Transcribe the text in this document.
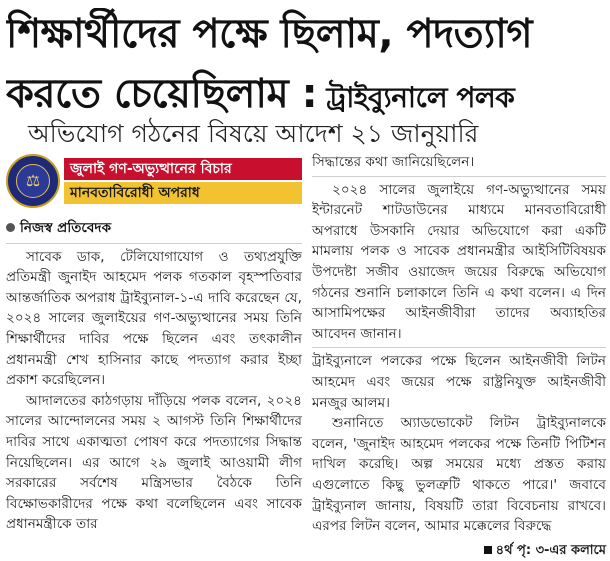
শিক্ষার্থীদের পক্ষে ছিলাম, পদত্যাগ
করতে চেয়েছিলাম : ট্রাইব্যুনালে পলক
অভিযোগ গঠনের বিষয়ে আদেশ ২১ জানুয়ারি
⚖
জুলাই গণ-অভ্যুত্থানের বিচার
মানবতাবিরোধী অপরাধ
নিজস্ব প্রতিবেদক

সাবেক ডাক, টেলিযোগাযোগ ও তথ্যপ্রযুক্তি প্রতিমন্ত্রী জুনাইদ আহমেদ পলক গতকাল বৃহস্পতিবার আন্তর্জাতিক অপরাধ ট্রাইব্যুনাল-১-এ দাবি করেছেন যে, ২০২৪ সালের জুলাইয়ের গণ-অভ্যুত্থানের সময় তিনি শিক্ষার্থীদের দাবির পক্ষে ছিলেন এবং তৎকালীন প্রধানমন্ত্রী শেখ হাসিনার কাছে পদত্যাগ করার ইচ্ছা প্রকাশ করেছিলেন।

আদালতের কাঠগড়ায় দাঁড়িয়ে পলক বলেন, ২০২৪ সালের আন্দোলনের সময় ২ আগস্ট তিনি শিক্ষার্থীদের দাবির সাথে একাত্মতা পোষণ করে পদত্যাগের সিদ্ধান্ত নিয়েছিলেন। এর আগে ২৯ জুলাই আওয়ামী লীগ সরকারের সর্বশেষ মন্ত্রিসভার বৈঠকে তিনি বিক্ষোভকারীদের পক্ষে কথা বলেছিলেন এবং সাবেক প্রধানমন্ত্রীকে তার

সিদ্ধান্তের কথা জানিয়েছিলেন।

২০২৪ সালের জুলাইয়ে গণ-অভ্যুত্থানের সময় ইন্টারনেট শাটডাউনের মাধ্যমে মানবতাবিরোধী অপরাধে উসকানি দেয়ার অভিযোগে করা একটি মামলায় পলক ও সাবেক প্রধানমন্ত্রীর আইসিটিবিষয়ক উপদেষ্টা সজীব ওয়াজেদ জয়ের বিরুদ্ধে অভিযোগ গঠনের শুনানি চলাকালে তিনি এ কথা বলেন। এ দিন আসামিপক্ষের আইনজীবীরা তাদের অব্যাহতির আবেদন জানান।

ট্রাইব্যুনালে পলকের পক্ষে ছিলেন আইনজীবী লিটন আহমেদ এবং জয়ের পক্ষে রাষ্ট্রনিযুক্ত আইনজীবী মনজুর আলম।

শুনানিতে অ্যাডভোকেট লিটন ট্রাইব্যুনালকে বলেন, 'জুনাইদ আহমেদ পলকের পক্ষে তিনটি পিটিশন দাখিল করেছি। অল্প সময়ের মধ্যে প্রস্তত করায় এগুলোতে কিছু ভুলত্রুটি থাকতে পারে।' জবাবে ট্রাইব্যুনাল জানায়, বিষয়টি তারা বিবেচনায় রাখবে। এরপর লিটন বলেন, আমার মক্কেলের বিরুদ্ধে

৪র্থ পৃ: ৩-এর কলামে
